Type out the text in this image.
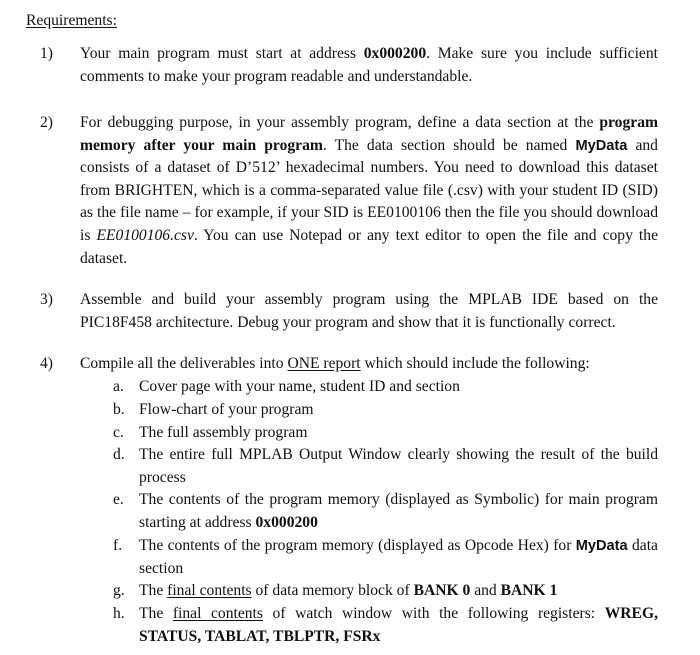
Requirements:
1) Your main program must start at address 0x000200. Make sure you include sufficient comments to make your program readable and understandable.
2) For debugging purpose, in your assembly program, define a data section at the program memory after your main program. The data section should be named MyData and consists of a dataset of D’512’ hexadecimal numbers. You need to download this dataset from BRIGHTEN, which is a comma-separated value file (.csv) with your student ID (SID) as the file name – for example, if your SID is EE0100106 then the file you should download is EE0100106.csv. You can use Notepad or any text editor to open the file and copy the dataset.
3) Assemble and build your assembly program using the MPLAB IDE based on the PIC18F458 architecture. Debug your program and show that it is functionally correct.
4) Compile all the deliverables into ONE report which should include the following:
a. Cover page with your name, student ID and section
b. Flow-chart of your program
c. The full assembly program
d. The entire full MPLAB Output Window clearly showing the result of the build process
e. The contents of the program memory (displayed as Symbolic) for main program starting at address 0x000200
f. The contents of the program memory (displayed as Opcode Hex) for MyData data section
g. The final contents of data memory block of BANK 0 and BANK 1
h. The final contents of watch window with the following registers: WREG, STATUS, TABLAT, TBLPTR, FSRx
